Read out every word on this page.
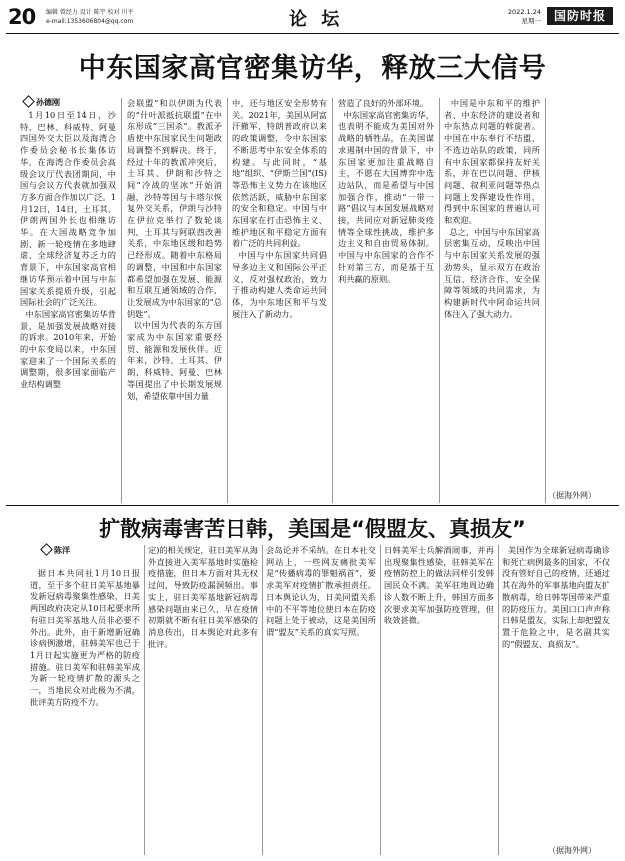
20 编辑 曾经力 设计 陈宇 校对 川平
e-mail:1353606804@qq.com	论 坛	2022.1.24
星期一	国防时报
中东国家高官密集访华，释放三大信号
孙德刚
1月10日至14日，沙特、巴林、科威特、阿曼四国外交大臣以及海湾合作委员会秘书长集体访华，在海湾合作委员会高级会议厅代表团期间，中国与会议方代表就加强双方多方面合作加以广泛。1月12日，14日，土耳其、伊朗两国外长也相继访华。在大国战略竞争加剧、新一轮疫情在多地肆虐、全球经济复苏乏力的背景下，中东国家高官相继访华预示着中国与中东国家关系提质升级，引起国际社会的广泛关注。
中东国家高官密集访华背景，是加强发展战略对接的诉求。2010年来，开始的中东变局以来，中东国家迎来了一个国际关系的调整期，很多国家面临产业结构调整
会联盟”和以伊朗为代表的“什叶派抵抗联盟”在中东形成“三国杀”。教派矛盾使中东国家民生问题政局调整不到解决。终于，经过十年的教派冲突后，土耳其、伊朗和沙特之间“冷战的坚冰”开始消融，沙特等国与卡塔尔恢复外交关系，伊朗与沙特在伊拉克举行了数轮谈判，土耳其与阿联酋改善关系，中东地区缓和趋势已经形成。随着中东格局的调整，中国和中东国家都希望加强在发展、能源和互联互通领域的合作，让发展成为中东国家的“总钥匙”。
以中国为代表的东方国家成为中东国家重要经贸、能源和发展伙伴。近年来，沙特、土耳其、伊朗、科威特、阿曼、巴林等国提出了中长期发展规划，希望依靠中国力量
中，还与地区安全形势有关。2021年，美国从阿富汗撤军，特朗普政府以来的政策调整，令中东国家不断思考中东安全体系的构建。与此同时，“基地”组织、“伊斯兰国”(IS)等恐怖主义势力在该地区依然活跃，威胁中东国家的安全和稳定。中国与中东国家在打击恐怖主义、维护地区和平稳定方面有着广泛的共同利益。
中国与中东国家共同倡导多边主义和国际公平正义，反对强权政治，致力于推动构建人类命运共同体，为中东地区和平与发展注入了新动力。
营造了良好的外部环境。
中东国家高官密集访华，也表明不能成为美国对外战略的牺牲品，在美国谋求遏制中国的背景下，中东国家更加注重战略自主，不愿在大国博弈中选边站队，而是希望与中国加强合作，推动“一带一路”倡议与本国发展战略对接，共同应对新冠肺炎疫情等全球性挑战，维护多边主义和自由贸易体制。中国与中东国家的合作不针对第三方，而是基于互利共赢的原则。
中国是中东和平的维护者、中东经济的建设者和中东热点问题的斡旋者。中国在中东奉行不结盟、不选边站队的政策，同所有中东国家都保持友好关系，并在巴以问题、伊核问题、叙利亚问题等热点问题上发挥建设性作用，得到中东国家的普遍认可和欢迎。
总之，中国与中东国家高层密集互动，反映出中国与中东国家关系发展的强劲势头，显示双方在政治互信、经济合作、安全保障等领域的共同需求，为构建新时代中阿命运共同体注入了强大动力。
（据海外网）
扩散病毒害苦日韩，美国是“假盟友、真损友”
陈洋
据日本共同社1月10日报道，至于多个驻日美军基地暴发新冠病毒聚集性感染，日美两国政府决定从10日起要求所有驻日美军基地人员非必要不外出。此外，由于新增新冠确诊病例激增，驻韩美军也已于1月日起实施更为严格的防疫措施。驻日美军和驻韩美军成为新一轮疫情扩散的源头之一，当地民众对此极为不满，批评美方防疫不力。
定)的相关规定，驻日美军从海外直接进入美军基地时实施检疫措施，但日本方面对其无权过问，导致防疫漏洞频出。事实上，驻日美军基地新冠病毒感染问题由来已久，早在疫情初期就不断有驻日美军感染的消息传出，日本舆论对此多有批评。
会岛论并不采纳。在日本社交网站上，一些网友痛批美军是“传播病毒的罪魁祸首”，要求美军对疫情扩散承担责任。日本舆论认为，日美同盟关系中的不平等地位使日本在防疫问题上处于被动，这是美国所谓“盟友”关系的真实写照。
日韩美军士兵解酒闹事，并再出现聚集性感染，驻韩美军在疫情防控上的做法同样引发韩国民众不满。美军驻地周边确诊人数不断上升，韩国方面多次要求美军加强防疫管理，但收效甚微。
美国作为全球新冠病毒确诊和死亡病例最多的国家，不仅没有管好自己的疫情，还通过其在海外的军事基地向盟友扩散病毒，给日韩等国带来严重的防疫压力。美国口口声声称日韩是盟友，实际上却把盟友置于危险之中，是名副其实的“假盟友、真损友”。
（据海外网）
